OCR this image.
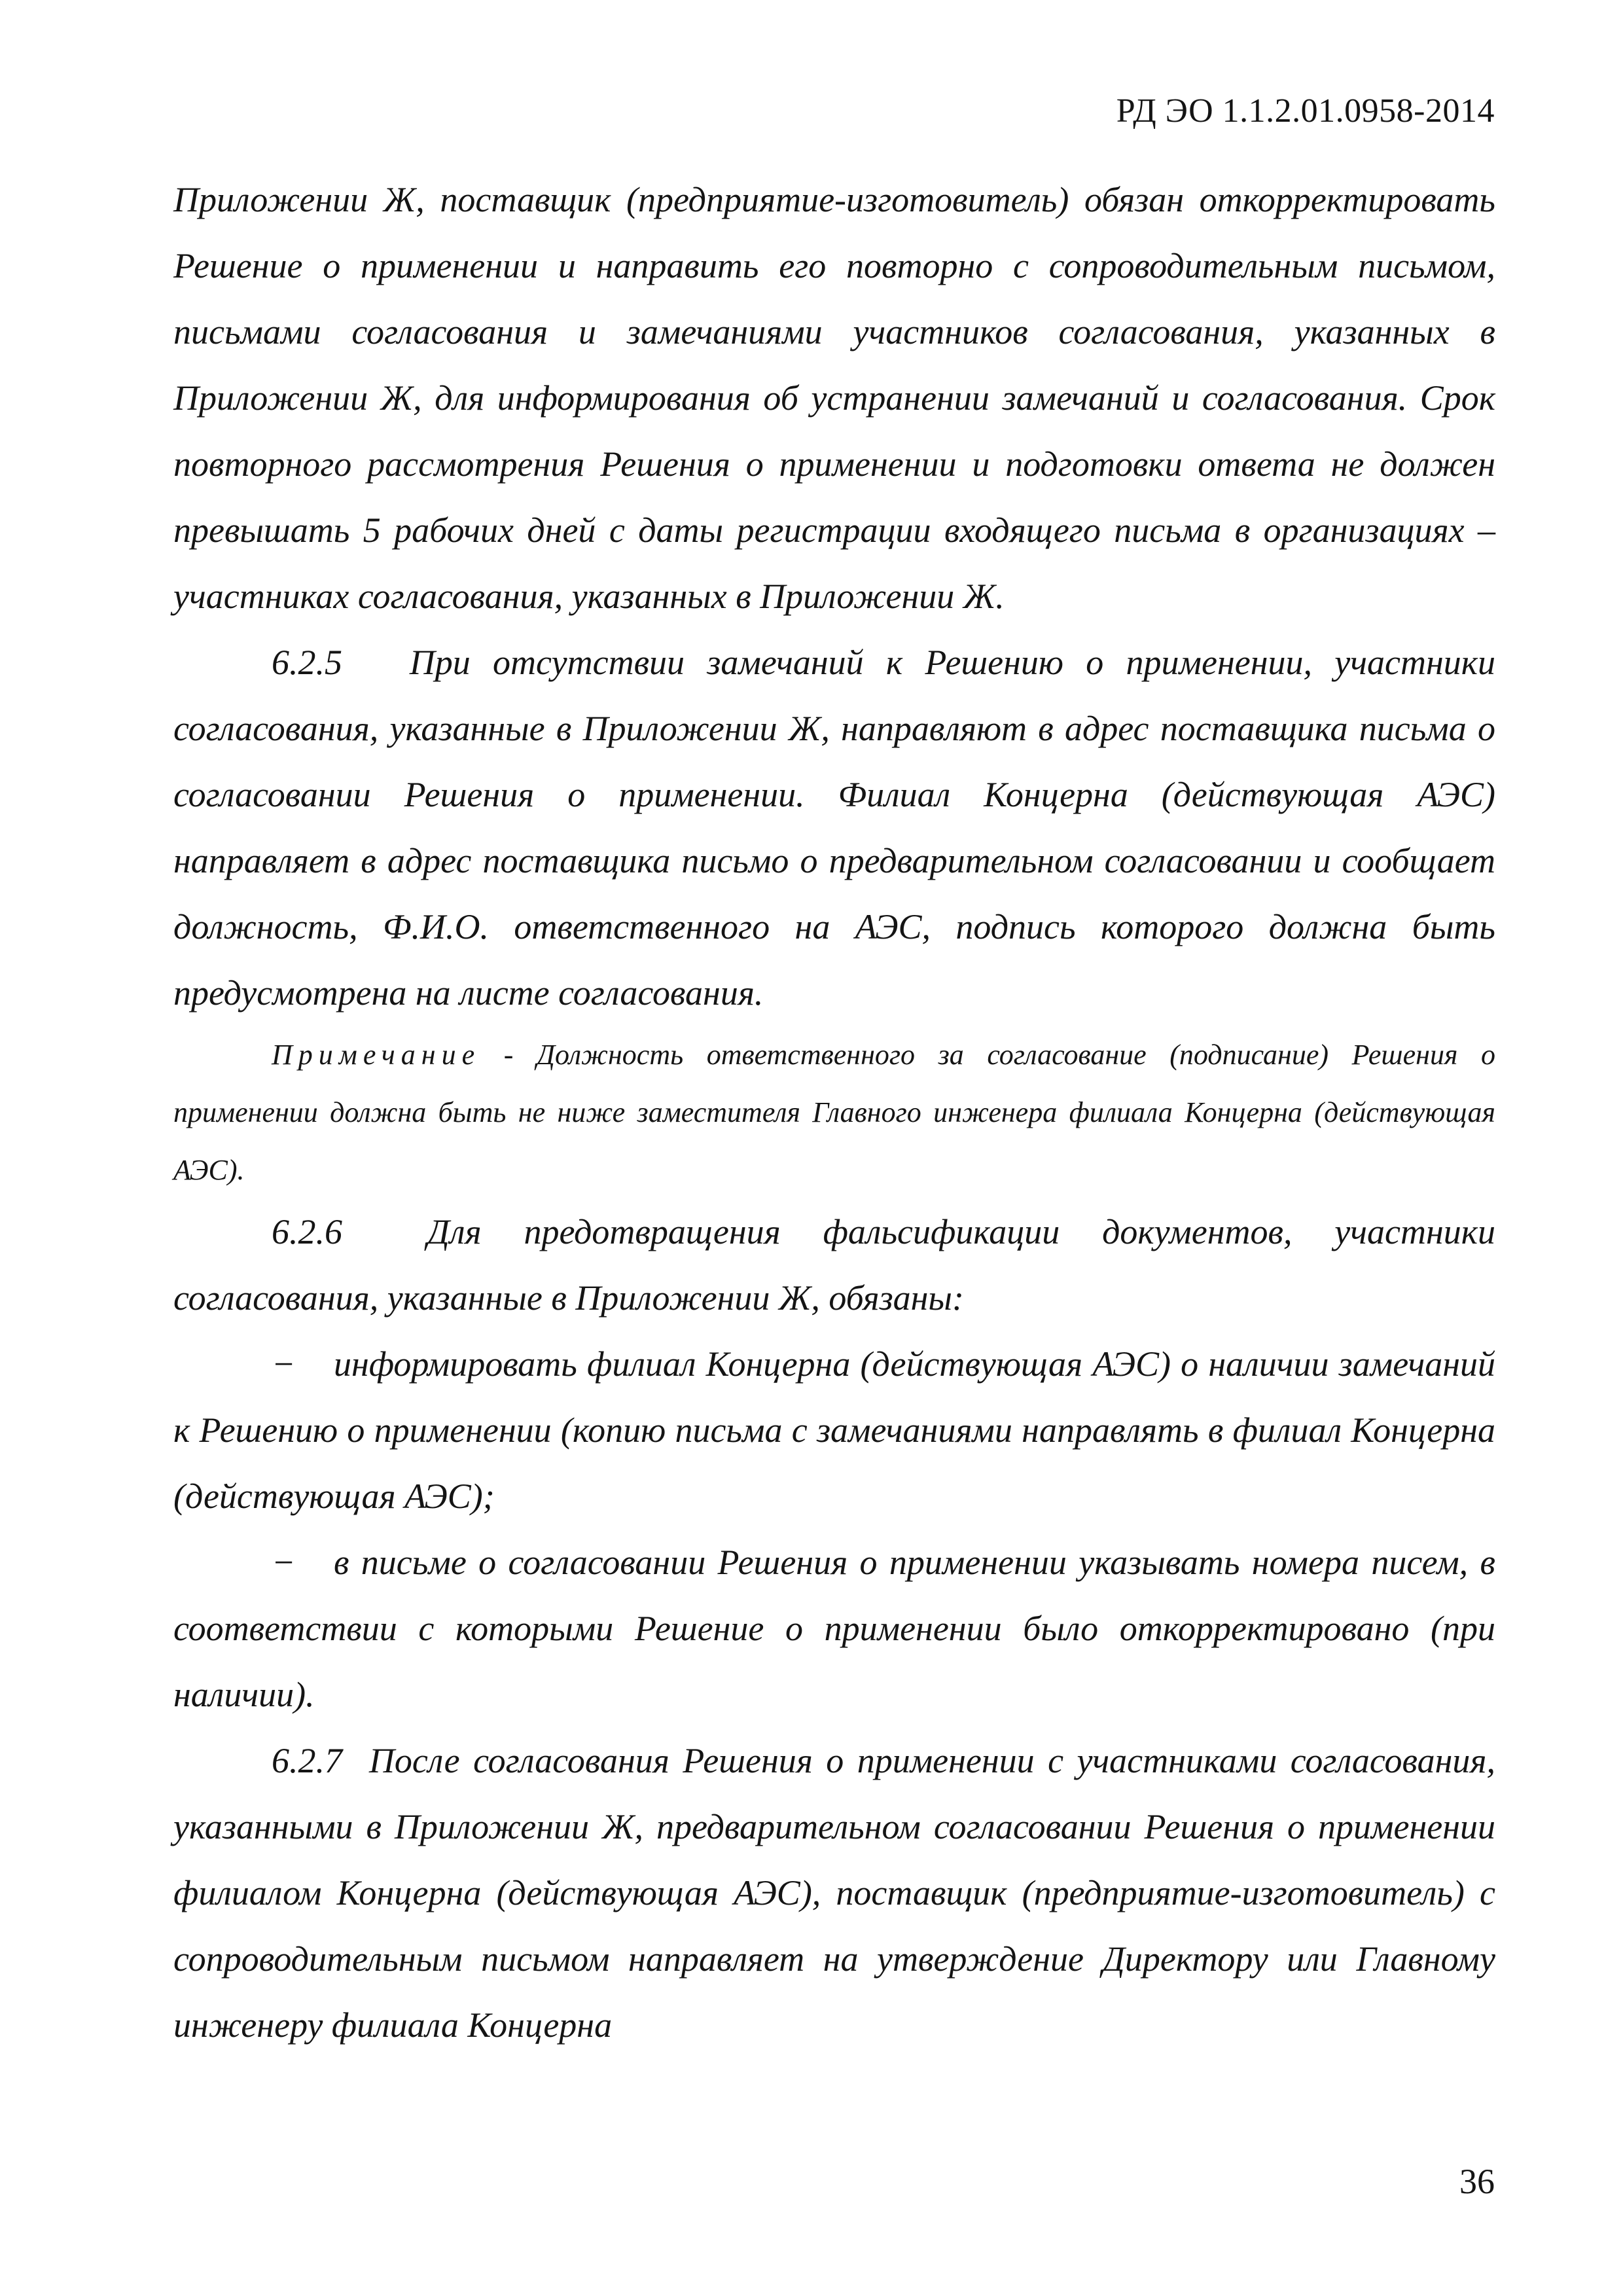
РД ЭО 1.1.2.01.0958-2014

Приложении Ж, поставщик (предприятие-изготовитель) обязан откорректировать Решение о применении и направить его повторно с сопроводительным письмом, письмами согласования и замечаниями участников согласования, указанных в Приложении Ж, для информирования об устранении замечаний и согласования. Срок повторного рассмотрения Решения о применении и подготовки ответа не должен превышать 5 рабочих дней с даты регистрации входящего письма в организациях – участниках согласования, указанных в Приложении Ж.

6.2.5 При отсутствии замечаний к Решению о применении, участники согласования, указанные в Приложении Ж, направляют в адрес поставщика письма о согласовании Решения о применении. Филиал Концерна (действующая АЭС) направляет в адрес поставщика письмо о предварительном согласовании и сообщает должность, Ф.И.О. ответственного на АЭС, подпись которого должна быть предусмотрена на листе согласования.

Примечание - Должность ответственного за согласование (подписание) Решения о применении должна быть не ниже заместителя Главного инженера филиала Концерна (действующая АЭС).

6.2.6 Для предотвращения фальсификации документов, участники согласования, указанные в Приложении Ж, обязаны:

− информировать филиал Концерна (действующая АЭС) о наличии замечаний к Решению о применении (копию письма с замечаниями направлять в филиал Концерна (действующая АЭС);

− в письме о согласовании Решения о применении указывать номера писем, в соответствии с которыми Решение о применении было откорректировано (при наличии).

6.2.7 После согласования Решения о применении с участниками согласования, указанными в Приложении Ж, предварительном согласовании Решения о применении филиалом Концерна (действующая АЭС), поставщик (предприятие-изготовитель) с сопроводительным письмом направляет на утверждение Директору или Главному инженеру филиала Концерна

36
